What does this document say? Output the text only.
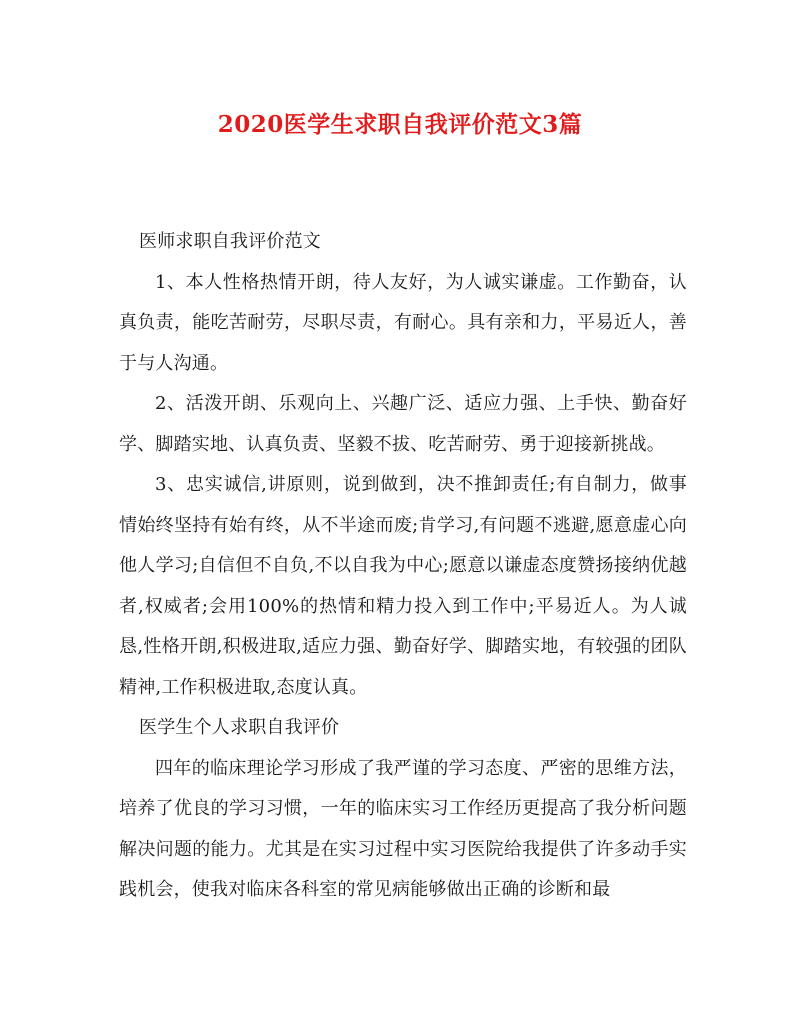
2020医学生求职自我评价范文3篇

医师求职自我评价范文

1、本人性格热情开朗，待人友好，为人诚实谦虚。工作勤奋，认真负责，能吃苦耐劳，尽职尽责，有耐心。具有亲和力，平易近人，善于与人沟通。

2、活泼开朗、乐观向上、兴趣广泛、适应力强、上手快、勤奋好学、脚踏实地、认真负责、坚毅不拔、吃苦耐劳、勇于迎接新挑战。

3、忠实诚信,讲原则，说到做到，决不推卸责任;有自制力，做事情始终坚持有始有终，从不半途而废;肯学习,有问题不逃避,愿意虚心向他人学习;自信但不自负,不以自我为中心;愿意以谦虚态度赞扬接纳优越者,权威者;会用100%的热情和精力投入到工作中;平易近人。为人诚恳,性格开朗,积极进取,适应力强、勤奋好学、脚踏实地，有较强的团队精神,工作积极进取,态度认真。

医学生个人求职自我评价

四年的临床理论学习形成了我严谨的学习态度、严密的思维方法，培养了优良的学习习惯，一年的临床实习工作经历更提高了我分析问题解决问题的能力。尤其是在实习过程中实习医院给我提供了许多动手实践机会，使我对临床各科室的常见病能够做出正确的诊断和最
